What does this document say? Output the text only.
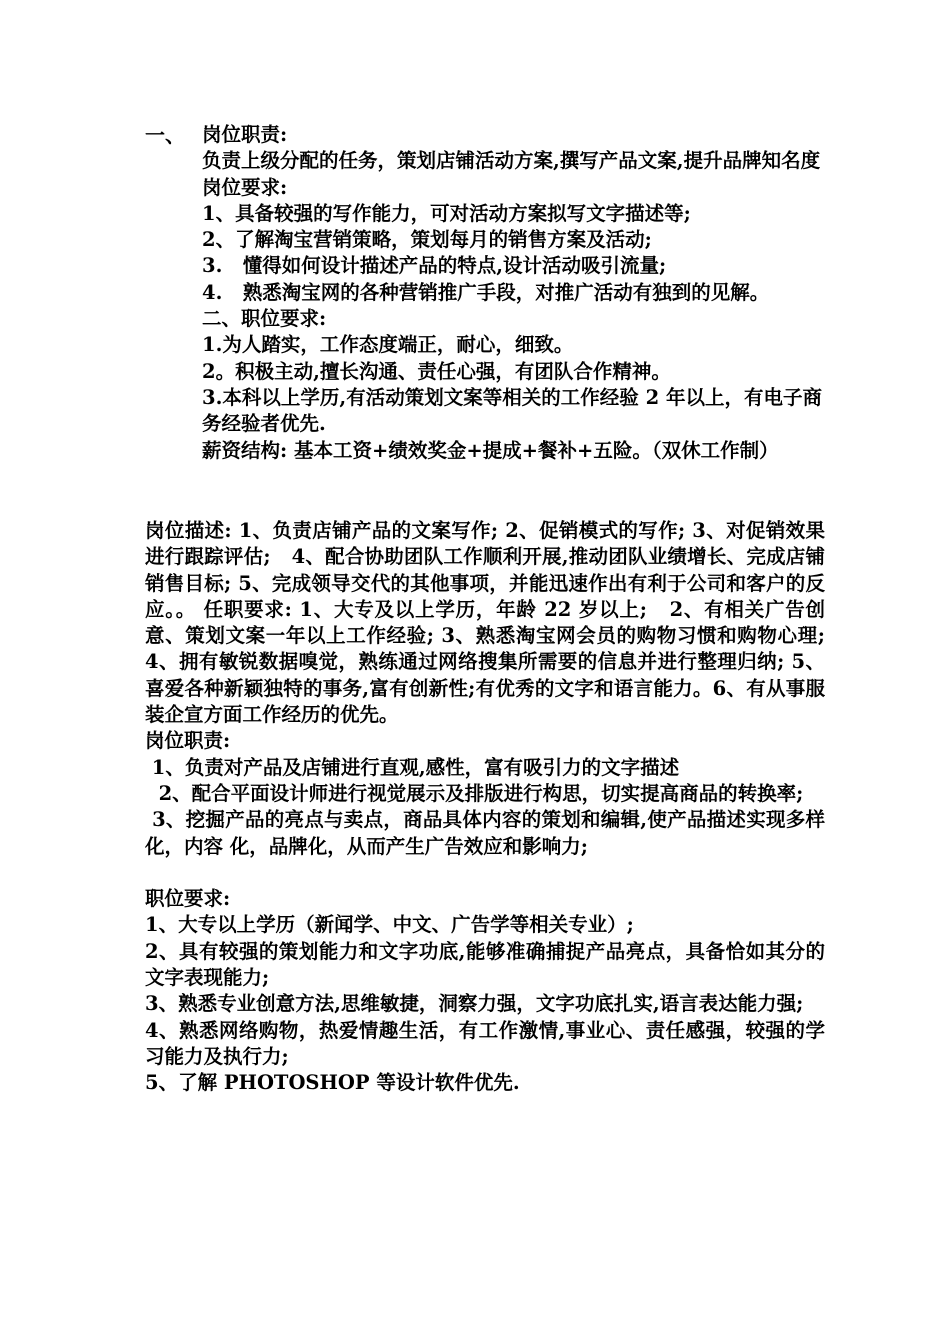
一、 岗位职责:

负责上级分配的任务，策划店铺活动方案,撰写产品文案,提升品牌知名度

岗位要求:

1、具备较强的写作能力，可对活动方案拟写文字描述等;

2、了解淘宝营销策略，策划每月的销售方案及活动;

3.   懂得如何设计描述产品的特点,设计活动吸引流量;

4.   熟悉淘宝网的各种营销推广手段，对推广活动有独到的见解。

二、职位要求:

1.为人踏实，工作态度端正，耐心，细致。

2。积极主动,擅长沟通、责任心强，有团队合作精神。

3.本科以上学历,有活动策划文案等相关的工作经验 2 年以上，有电子商务经验者优先.

薪资结构: 基本工资+绩效奖金+提成+餐补+五险。（双休工作制）

岗位描述: 1、负责店铺产品的文案写作; 2、促销模式的写作; 3、对促销效果进行跟踪评估;   4、配合协助团队工作顺利开展,推动团队业绩增长、完成店铺销售目标; 5、完成领导交代的其他事项，并能迅速作出有利于公司和客户的反应。。 任职要求: 1、大专及以上学历，年龄 22 岁以上;   2、有相关广告创意、策划文案一年以上工作经验; 3、熟悉淘宝网会员的购物习惯和购物心理;   4、拥有敏锐数据嗅觉，熟练通过网络搜集所需要的信息并进行整理归纳; 5、喜爱各种新颖独特的事务,富有创新性;有优秀的文字和语言能力。6、有从事服装企宣方面工作经历的优先。

岗位职责:

1、负责对产品及店铺进行直观,感性，富有吸引力的文字描述

2、配合平面设计师进行视觉展示及排版进行构思，切实提高商品的转换率;

3、挖掘产品的亮点与卖点，商品具体内容的策划和编辑,使产品描述实现多样化，内容 化，品牌化，从而产生广告效应和影响力;

职位要求:

1、大专以上学历（新闻学、中文、广告学等相关专业）;

2、具有较强的策划能力和文字功底,能够准确捕捉产品亮点，具备恰如其分的文字表现能力;

3、熟悉专业创意方法,思维敏捷，洞察力强，文字功底扎实,语言表达能力强;

4、熟悉网络购物，热爱情趣生活，有工作激情,事业心、责任感强，较强的学习能力及执行力;

5、了解 PHOTOSHOP 等设计软件优先.
